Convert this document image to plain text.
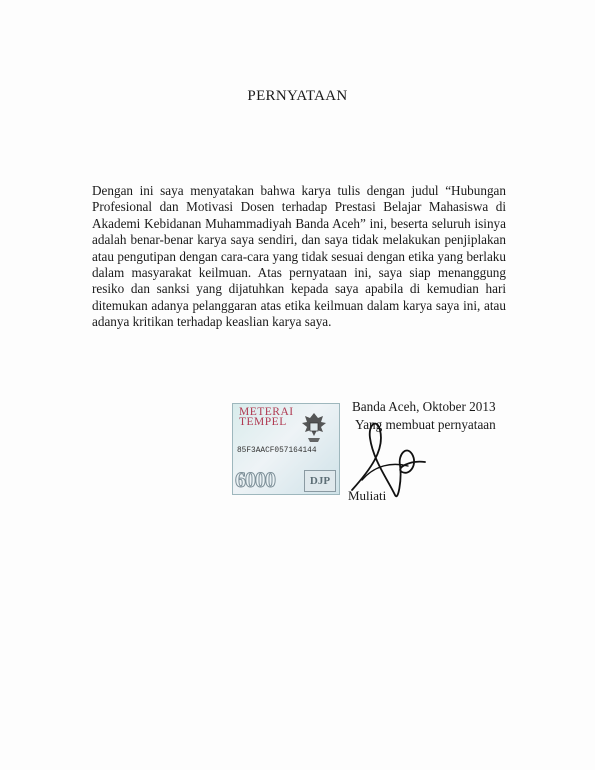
PERNYATAAN
Dengan ini saya menyatakan bahwa karya tulis dengan judul “Hubungan Profesional dan Motivasi Dosen terhadap Prestasi Belajar Mahasiswa di Akademi Kebidanan Muhammadiyah Banda Aceh” ini, beserta seluruh isinya adalah benar-benar karya saya sendiri, dan saya tidak melakukan penjiplakan atau pengutipan dengan cara-cara yang tidak sesuai dengan etika yang berlaku dalam masyarakat keilmuan. Atas pernyataan ini, saya siap menanggung resiko dan sanksi yang dijatuhkan kepada saya apabila di kemudian hari ditemukan adanya pelanggaran atas etika keilmuan dalam karya saya ini, atau adanya kritikan terhadap keaslian karya saya.
METERAI
TEMPEL
85F3AACF057164144
6000	DJP
Banda Aceh, Oktober 2013
Yang membuat pernyataan
Muliati
